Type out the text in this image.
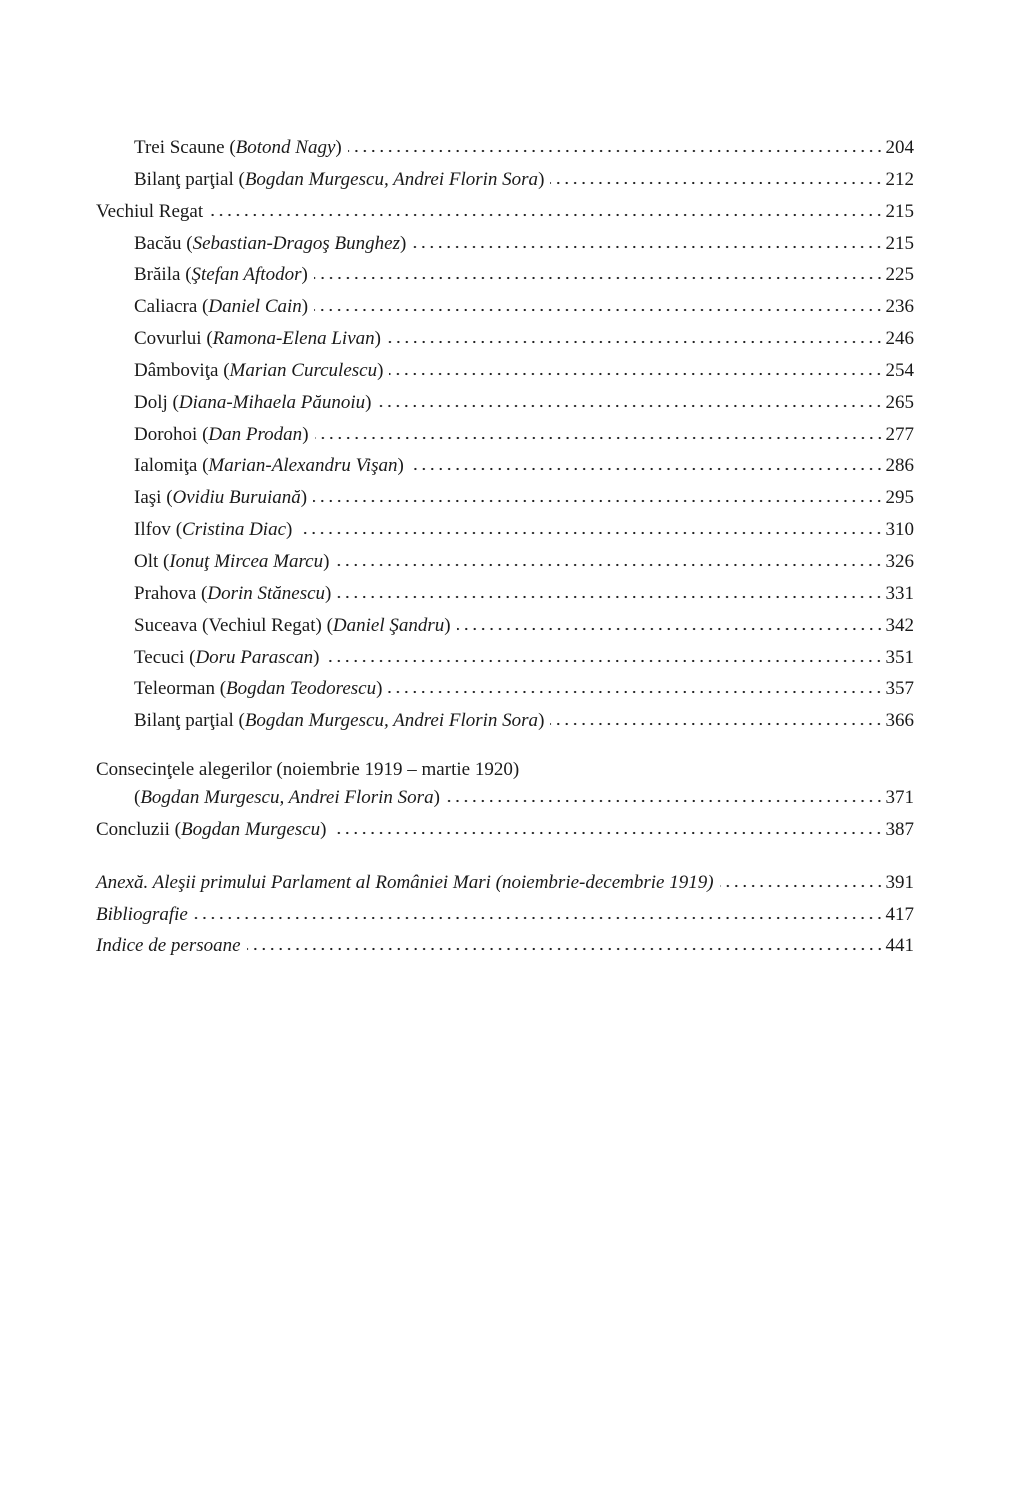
Trei Scaune (Botond Nagy)	204
Bilanţ parţial (Bogdan Murgescu, Andrei Florin Sora)	212
Vechiul Regat	215
Bacău (Sebastian-Dragoş Bunghez)	215
Brăila (Ştefan Aftodor)	225
Caliacra (Daniel Cain)	236
Covurlui (Ramona-Elena Livan)	246
Dâmboviţa (Marian Curculescu)	254
Dolj (Diana-Mihaela Păunoiu)	265
Dorohoi (Dan Prodan)	277
Ialomiţa (Marian-Alexandru Vişan)	286
Iaşi (Ovidiu Buruiană)	295
Ilfov (Cristina Diac)	310
Olt (Ionuţ Mircea Marcu)	326
Prahova (Dorin Stănescu)	331
Suceava (Vechiul Regat) (Daniel Şandru)	342
Tecuci (Doru Parascan)	351
Teleorman (Bogdan Teodorescu)	357
Bilanţ parţial (Bogdan Murgescu, Andrei Florin Sora)	366
Consecinţele alegerilor (noiembrie 1919 – martie 1920)
(Bogdan Murgescu, Andrei Florin Sora)	371
Concluzii (Bogdan Murgescu)	387
Anexă. Aleşii primului Parlament al României Mari (noiembrie-decembrie 1919)	391
Bibliografie	417
Indice de persoane	441
